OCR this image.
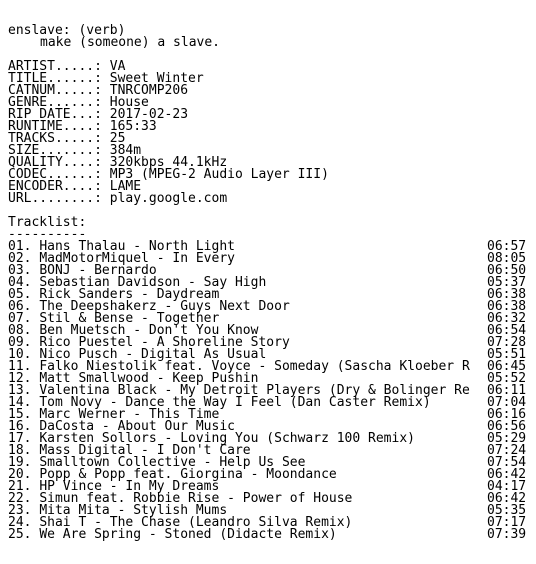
enslave: (verb)
make (someone) a slave.
ARTIST.....: VA
TITLE......: Sweet Winter
CATNUM.....: TNRCOMP206
GENRE......: House
RIP DATE...: 2017-02-23
RUNTIME....: 165:33
TRACKS.....: 25
SIZE.......: 384m
QUALITY....: 320kbps 44.1kHz
CODEC......: MP3 (MPEG-2 Audio Layer III)
ENCODER....: LAME
URL........: play.google.com
Tracklist:
----------
01. Hans Thalau - North Light	06:57
02. MadMotorMiquel - In Every	08:05
03. BONJ - Bernardo	06:50
04. Sebastian Davidson - Say High	05:37
05. Rick Sanders - Daydream	06:38
06. The Deepshakerz - Guys Next Door	06:38
07. Stil & Bense - Together	06:32
08. Ben Muetsch - Don't You Know	06:54
09. Rico Puestel - A Shoreline Story	07:28
10. Nico Pusch - Digital As Usual	05:51
11. Falko Niestolik feat. Voyce - Someday (Sascha Kloeber R 06:45
12. Matt Smallwood - Keep Pushin	05:52
13. Valentina Black - My Detroit Players (Dry & Bolinger Re 06:11
14. Tom Novy - Dance the Way I Feel (Dan Caster Remix)	07:04
15. Marc Werner - This Time	06:16
16. DaCosta - About Our Music	06:56
17. Karsten Sollors - Loving You (Schwarz 100 Remix)	05:29
18. Mass Digital - I Don't Care	07:24
19. Smalltown Collective - Help Us See	07:54
20. Popp & Popp feat. Giorgina - Moondance	06:42
21. HP Vince - In My Dreams	04:17
22. Simun feat. Robbie Rise - Power of House	06:42
23. Mita Mita - Stylish Mums	05:35
24. Shai T - The Chase (Leandro Silva Remix)	07:17
25. We Are Spring - Stoned (Didacte Remix)	07:39
